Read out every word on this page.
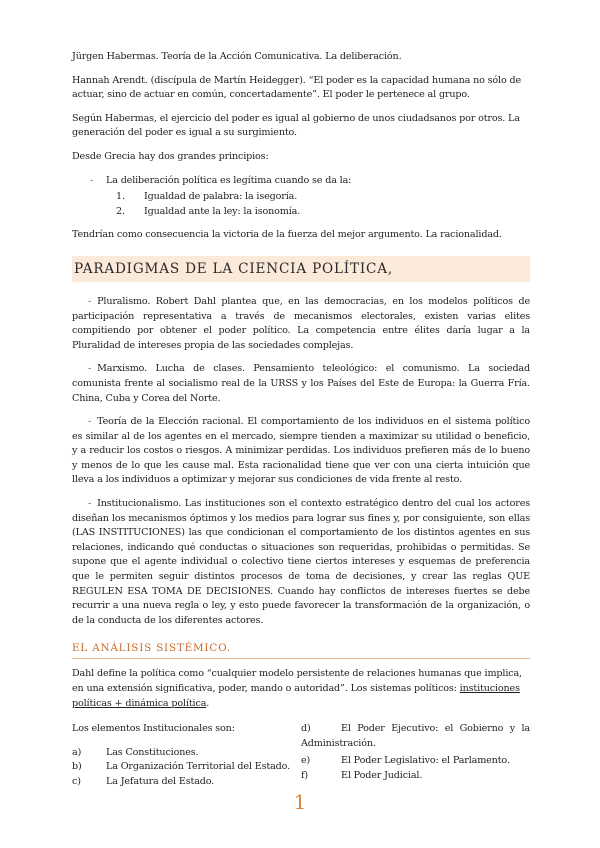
Jürgen Habermas. Teoría de la Acción Comunicativa. La deliberación.

Hannah Arendt. (discípula de Martín Heidegger). “El poder es la capacidad humana no sólo de actuar, sino de actuar en común, concertadamente”. El poder le pertenece al grupo.

Según Habermas, el ejercicio del poder es igual al gobierno de unos ciudadsanos por otros. La generación del poder es igual a su surgimiento.

Desde Grecia hay dos grandes principios:

- La deliberación política es legítima cuando se da la:

1. Igualdad de palabra: la isegoría.

2. Igualdad ante la ley: la isonomía.

Tendrían como consecuencia la victoria de la fuerza del mejor argumento. La racionalidad.

PARADIGMAS DE LA CIENCIA POLÍTICA,

- Pluralismo. Robert Dahl plantea que, en las democracias, en los modelos políticos de participación representativa a través de mecanismos electorales, existen varias elites compitiendo por obtener el poder político. La competencia entre élites daría lugar a la Pluralidad de intereses propia de las sociedades complejas.

- Marxismo. Lucha de clases. Pensamiento teleológico: el comunismo. La sociedad comunista frente al socialismo real de la URSS y los Países del Este de Europa: la Guerra Fría. China, Cuba y Corea del Norte.

- Teoría de la Elección racional. El comportamiento de los individuos en el sistema político es similar al de los agentes en el mercado, siempre tienden a maximizar su utilidad o beneficio, y a reducir los costos o riesgos. A minimizar perdidas. Los individuos prefieren más de lo bueno y menos de lo que les cause mal. Esta racionalidad tiene que ver con una cierta intuición que lleva a los individuos a optimizar y mejorar sus condiciones de vida frente al resto.

- Institucionalismo. Las instituciones son el contexto estratégico dentro del cual los actores diseñan los mecanismos óptimos y los medios para lograr sus fines y, por consiguiente, son ellas (LAS INSTITUCIONES) las que condicionan el comportamiento de los distintos agentes en sus relaciones, indicando qué conductas o situaciones son requeridas, prohibidas o permitidas. Se supone que el agente individual o colectivo tiene ciertos intereses y esquemas de preferencia que le permiten seguir distintos procesos de toma de decisiones, y crear las reglas QUE REGULEN ESA TOMA DE DECISIONES. Cuando hay conflictos de intereses fuertes se debe recurrir a una nueva regla o ley, y esto puede favorecer la transformación de la organización, o de la conducta de los diferentes actores.

EL ANÁLISIS SISTÉMICO.

Dahl define la política como “cualquier modelo persistente de relaciones humanas que implica, en una extensión significativa, poder, mando o autoridad”. Los sistemas políticos: instituciones políticas + dinámica política.

Los elementos Institucionales son:

a)	Las Constituciones.

b)	La Organización Territorial del Estado.

c)	La Jefatura del Estado.

d)	El Poder Ejecutivo: el Gobierno y la Administración.

e)	El Poder Legislativo: el Parlamento.

f)	El Poder Judicial.

1
